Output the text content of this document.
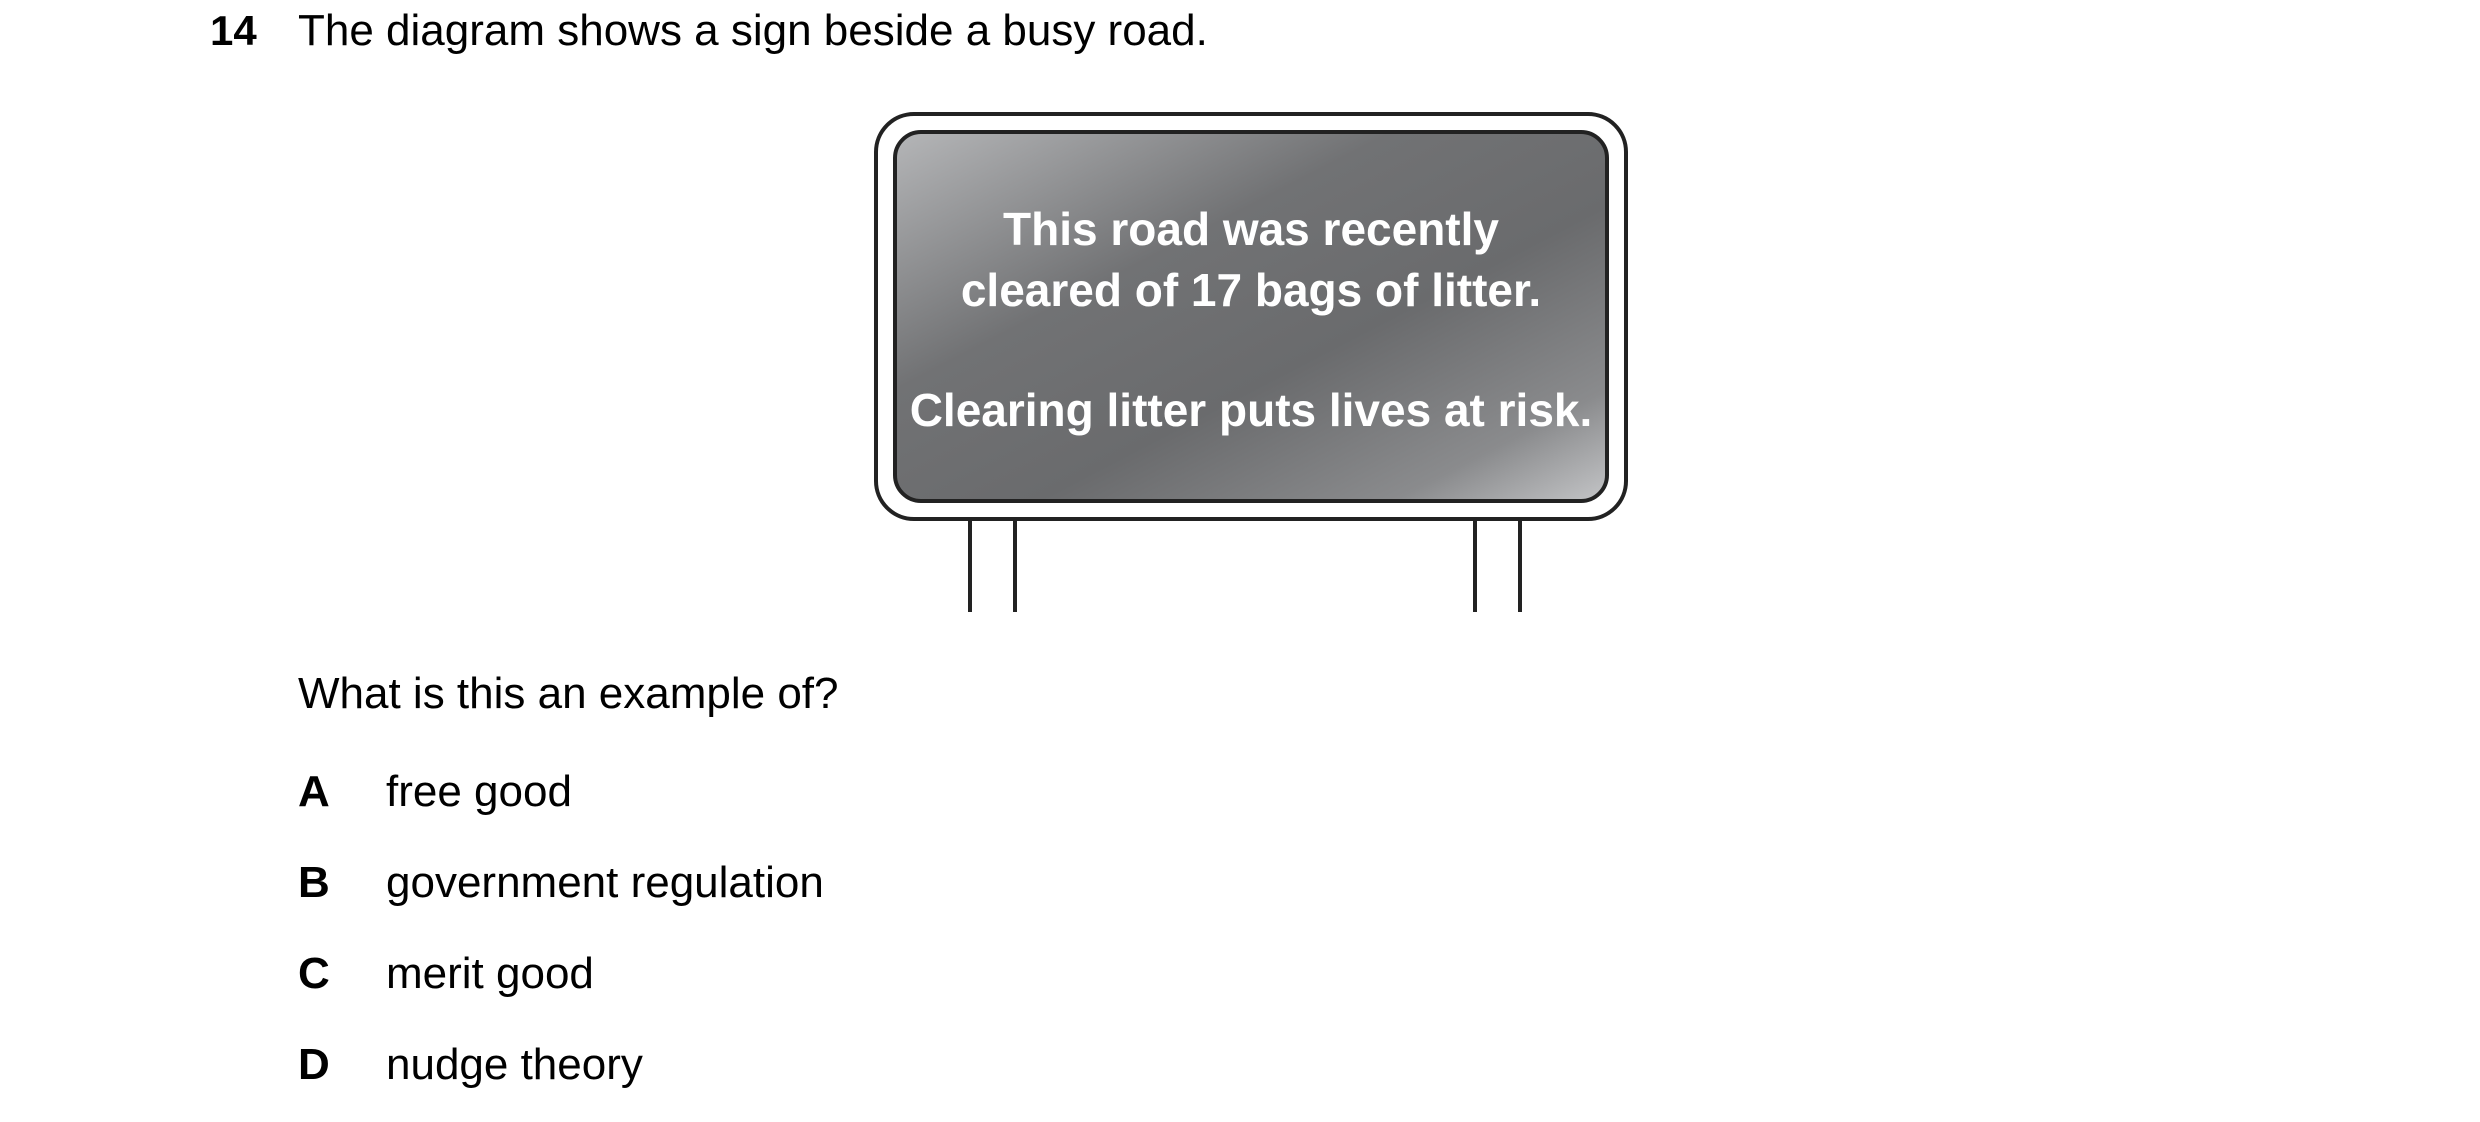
14 The diagram shows a sign beside a busy road.
This road was recently
cleared of 17 bags of litter.
Clearing litter puts lives at risk.
What is this an example of?
A free good
B government regulation
C merit good
D nudge theory
